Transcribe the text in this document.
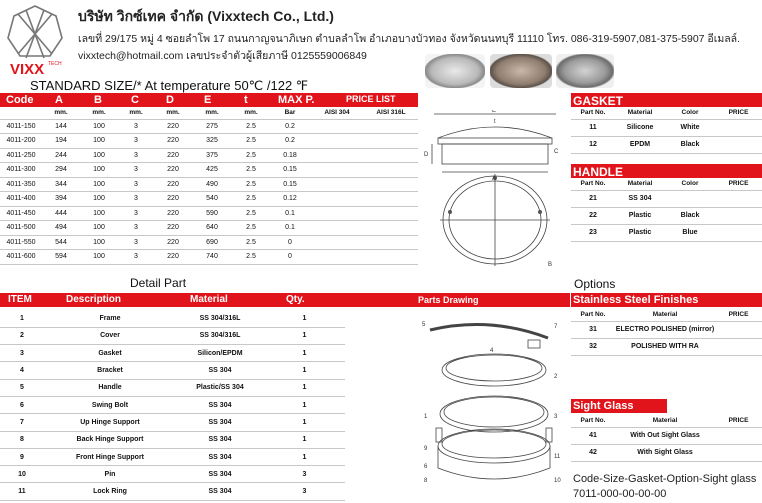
VIXX TECH
บริษัท วิกซ์เทค จำกัด (Vixxtech Co., Ltd.)
เลขที่ 29/175 หมู่ 4 ซอยลำโพ 17 ถนนกาญจนาภิเษก ตำบลลำโพ อำเภอบางบัวทอง จังหวัดนนทบุรี 11110 โทร. 086-319-5907,081-375-5907 อีเมลล์.
vixxtech@hotmail.com เลขประจำตัวผู้เสียภาษี 0125559006849
STANDARD SIZE/* At temperature 50℃ /122 ℉
Code A	B	C D	E	t	MAX P.	PRICE LIST
	mm.	mm.	mm.	mm.	mm.	mm.	Bar	AISI 304	AISI 316L
4011-150	144	100	3	220	275	2.5	0.2		
4011-200	194	100	3	220	325	2.5	0.2		
4011-250	244	100	3	220	375	2.5	0.18		
4011-300	294	100	3	220	425	2.5	0.15		
4011-350	344	100	3	220	490	2.5	0.15		
4011-400	394	100	3	220	540	2.5	0.12		
4011-450	444	100	3	220	590	2.5	0.1		
4011-500	494	100	3	220	640	2.5	0.1		
4011-550	544	100	3	220	690	2.5	0		
4011-600	594	100	3	220	740	2.5	0		
t
D
A
C
E
B
GASKET
Part No.	Material	Color	PRICE
11	Silicone	White	
12	EPDM	Black	
HANDLE
Part No.	Material	Color	PRICE
21	SS 304		
22	Plastic	Black	
23	Plastic	Blue	
Detail Part
ITEM	Description	Material	Qty.	Parts Drawing
1	Frame	SS 304/316L	1
2	Cover	SS 304/316L	1
3	Gasket	Silicon/EPDM	1
4	Bracket	SS 304	1
5	Handle	Plastic/SS 304	1
6	Swing Bolt	SS 304	1
7	Up Hinge Support	SS 304	1
8	Back Hinge Support	SS 304	1
9	Front Hinge Support	SS 304	1
10	Pin	SS 304	3
11	Lock Ring	SS 304	3
5	7
4
2
3
1
9
11
6
10
8
Options
Stainless Steel Finishes
Part No.	Material	PRICE
31	ELECTRO POLISHED (mirror)	
32	POLISHED WITH RA	
Sight Glass
Part No.	Material	PRICE
41	With Out Sight Glass	
42	With Sight Glass	
Code-Size-Gasket-Option-Sight glass
7011-000-00-00-00
